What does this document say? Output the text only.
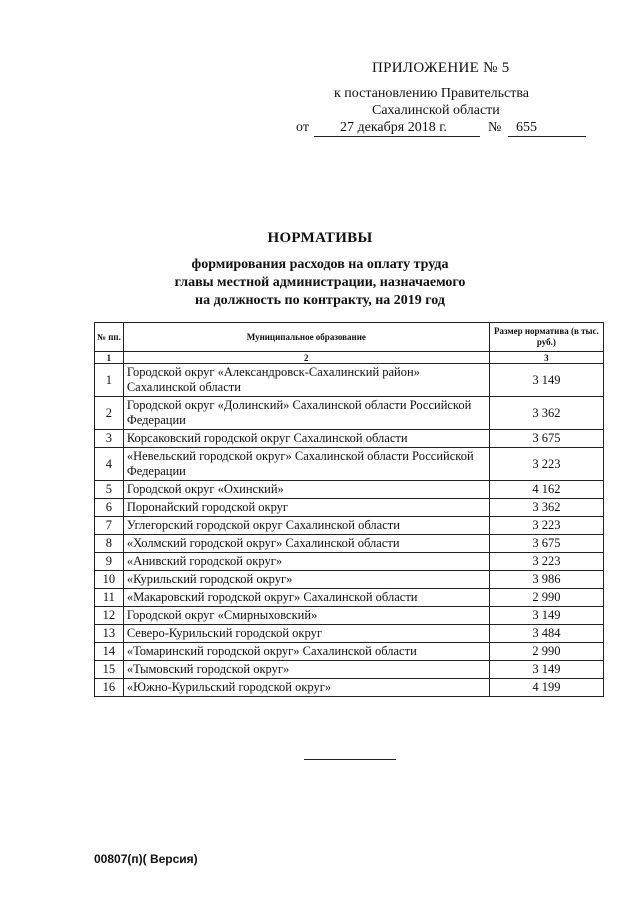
ПРИЛОЖЕНИЕ № 5
к постановлению Правительства
Сахалинской области
от 27 декабря 2018 г.	№ 655
НОРМАТИВЫ
формирования расходов на оплату труда
главы местной администрации, назначаемого
на должность по контракту, на 2019 год
№ пп.	Муниципальное образование	Размер норматива (в тыс. руб.)
1	2	3
1	Городской округ «Александровск-Сахалинский район» Сахалинской области	3 149
2	Городской округ «Долинский» Сахалинской области Российской Федерации	3 362
3	Корсаковский городской округ Сахалинской области	3 675
4	«Невельский городской округ» Сахалинской области Российской Федерации	3 223
5	Городской округ «Охинский»	4 162
6	Поронайский городской округ	3 362
7	Углегорский городской округ Сахалинской области	3 223
8	«Холмский городской округ» Сахалинской области	3 675
9	«Анивский городской округ»	3 223
10	«Курильский городской округ»	3 986
11	«Макаровский городской округ» Сахалинской области	2 990
12	Городской округ «Смирныховский»	3 149
13	Северо-Курильский городской округ	3 484
14	«Томаринский городской округ» Сахалинской области	2 990
15	«Тымовский городской округ»	3 149
16	«Южно-Курильский городской округ»	4 199
00807(п)( Версия)
